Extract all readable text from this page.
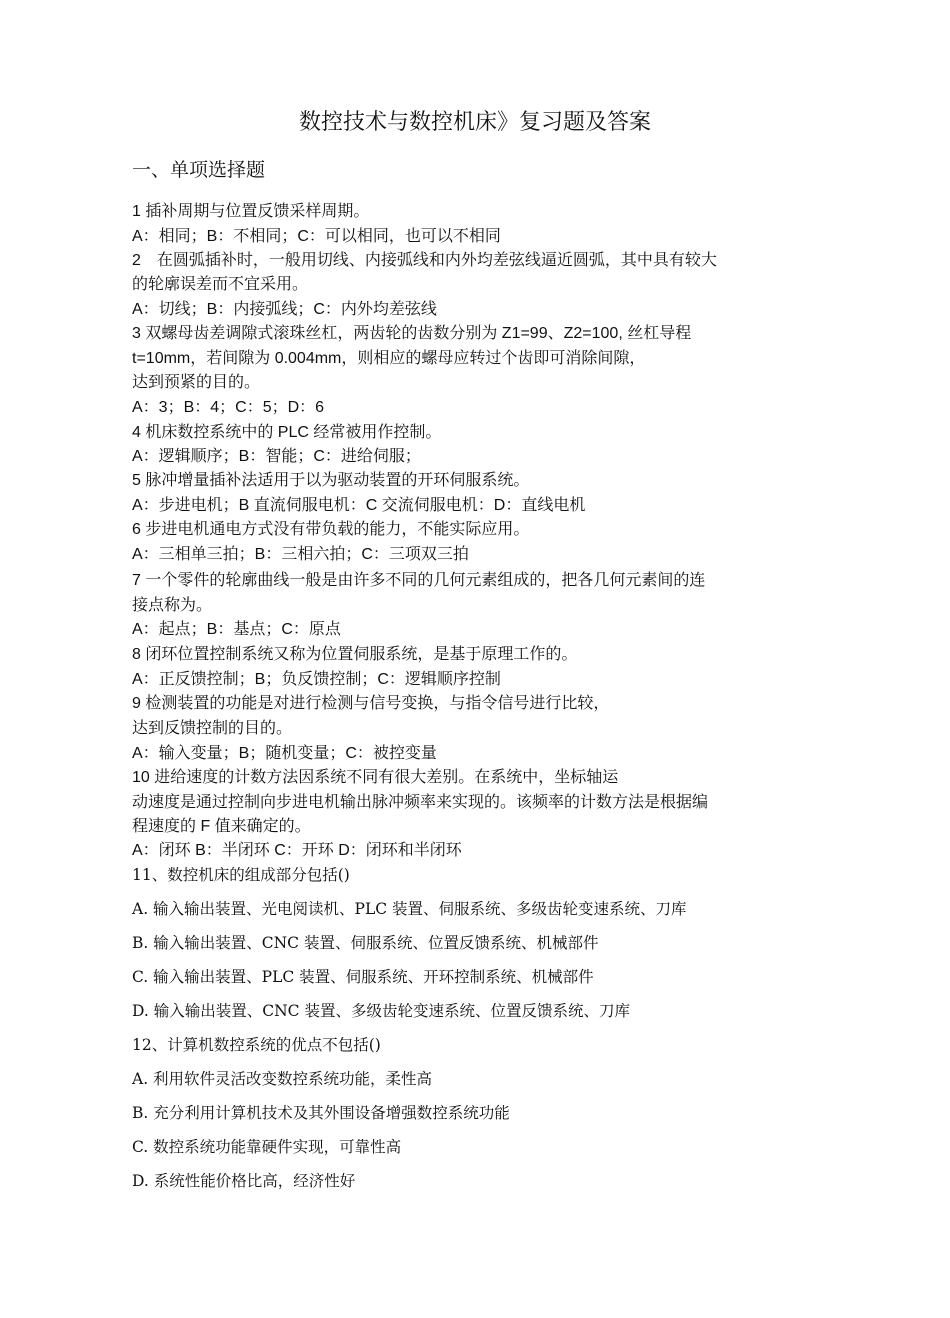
数控技术与数控机床》复习题及答案
一、单项选择题
1 插补周期与位置反馈采样周期。
A：相同；B：不相同；C：可以相同，也可以不相同
2　在圆弧插补时，一般用切线、内接弧线和内外均差弦线逼近圆弧，其中具有较大
的轮廓误差而不宜采用。
A：切线；B：内接弧线；C：内外均差弦线
3 双螺母齿差调隙式滚珠丝杠，两齿轮的齿数分别为 Z1=99、Z2=100, 丝杠导程
t=10mm，若间隙为 0.004mm，则相应的螺母应转过个齿即可消除间隙，
达到预紧的目的。
A：3；B：4；C：5；D：6
4 机床数控系统中的 PLC 经常被用作控制。
A：逻辑顺序；B：智能；C：进给伺服；
5 脉冲增量插补法适用于以为驱动装置的开环伺服系统。
A：步进电机；B 直流伺服电机：C 交流伺服电机：D：直线电机
6 步进电机通电方式没有带负载的能力，不能实际应用。
A：三相单三拍；B：三相六拍；C：三项双三拍
7 一个零件的轮廓曲线一般是由许多不同的几何元素组成的，把各几何元素间的连
接点称为。
A：起点；B：基点；C：原点
8 闭环位置控制系统又称为位置伺服系统，是基于原理工作的。
A：正反馈控制；B；负反馈控制；C：逻辑顺序控制
9 检测装置的功能是对进行检测与信号变换，与指令信号进行比较，
达到反馈控制的目的。
A：输入变量；B；随机变量；C：被控变量
10 进给速度的计数方法因系统不同有很大差别。在系统中，坐标轴运
动速度是通过控制向步进电机输出脉冲频率来实现的。该频率的计数方法是根据编
程速度的 F 值来确定的。
A：闭环 B：半闭环 C：开环 D：闭环和半闭环
11、数控机床的组成部分包括()
A. 输入输出装置、光电阅读机、PLC 装置、伺服系统、多级齿轮变速系统、刀库
B. 输入输出装置、CNC 装置、伺服系统、位置反馈系统、机械部件
C. 输入输出装置、PLC 装置、伺服系统、开环控制系统、机械部件
D. 输入输出装置、CNC 装置、多级齿轮变速系统、位置反馈系统、刀库
12、计算机数控系统的优点不包括()
A. 利用软件灵活改变数控系统功能，柔性高
B. 充分利用计算机技术及其外围设备增强数控系统功能
C. 数控系统功能靠硬件实现，可靠性高
D. 系统性能价格比高，经济性好
